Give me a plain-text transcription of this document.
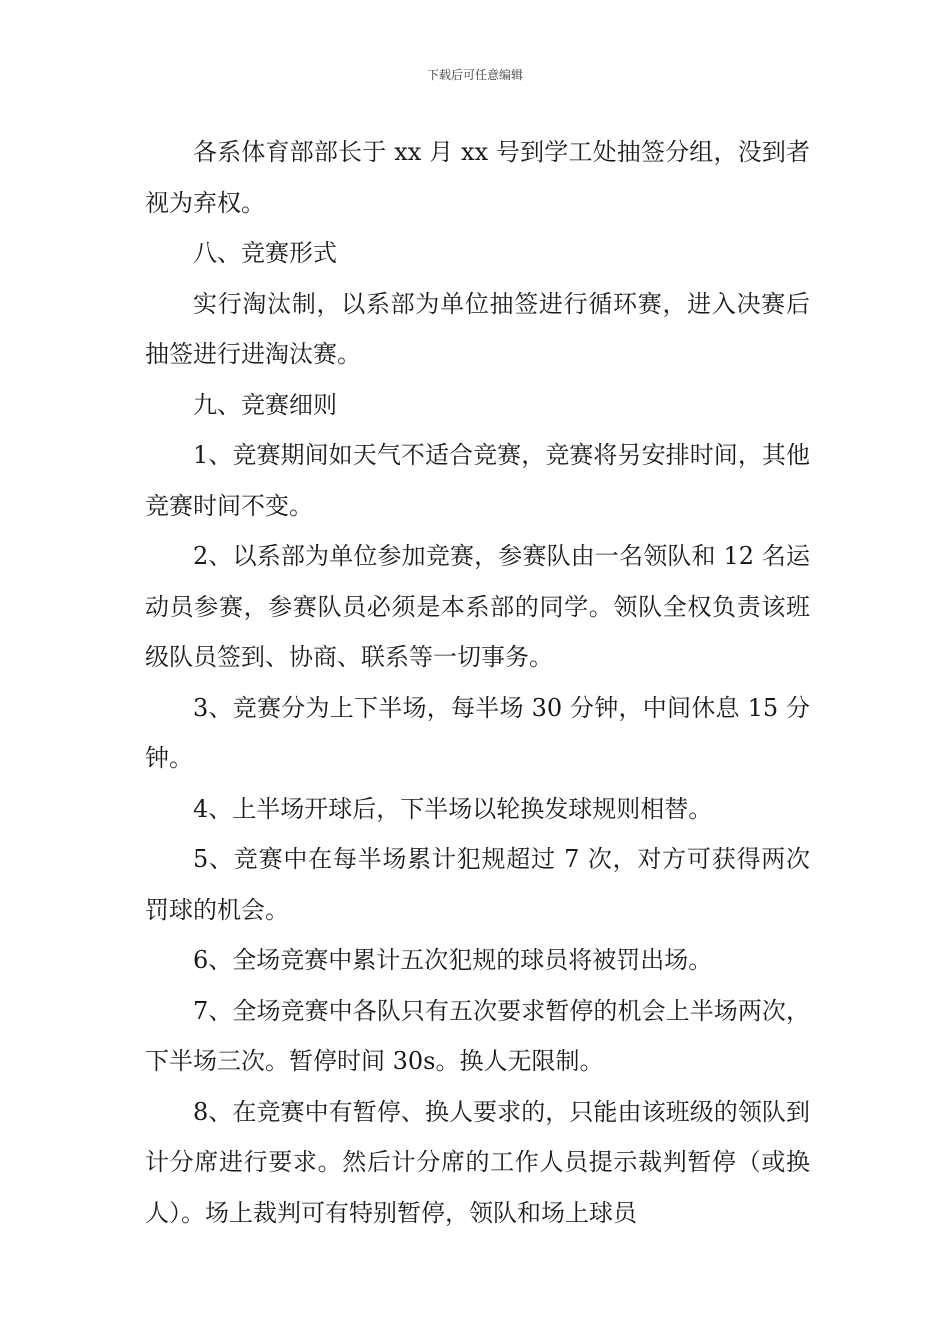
下载后可任意编辑

各系体育部部长于 xx 月 xx 号到学工处抽签分组，没到者视为弃权。

八、竞赛形式

实行淘汰制，以系部为单位抽签进行循环赛，进入决赛后抽签进行进淘汰赛。

九、竞赛细则

1、竞赛期间如天气不适合竞赛，竞赛将另安排时间，其他竞赛时间不变。

2、以系部为单位参加竞赛，参赛队由一名领队和 12 名运动员参赛，参赛队员必须是本系部的同学。领队全权负责该班级队员签到、协商、联系等一切事务。

3、竞赛分为上下半场，每半场 30 分钟，中间休息 15 分钟。

4、上半场开球后，下半场以轮换发球规则相替。

5、竞赛中在每半场累计犯规超过 7 次，对方可获得两次罚球的机会。

6、全场竞赛中累计五次犯规的球员将被罚出场。

7、全场竞赛中各队只有五次要求暂停的机会上半场两次，下半场三次。暂停时间 30s。换人无限制。

8、在竞赛中有暂停、换人要求的，只能由该班级的领队到计分席进行要求。然后计分席的工作人员提示裁判暂停（或换人）。场上裁判可有特别暂停，领队和场上球员
